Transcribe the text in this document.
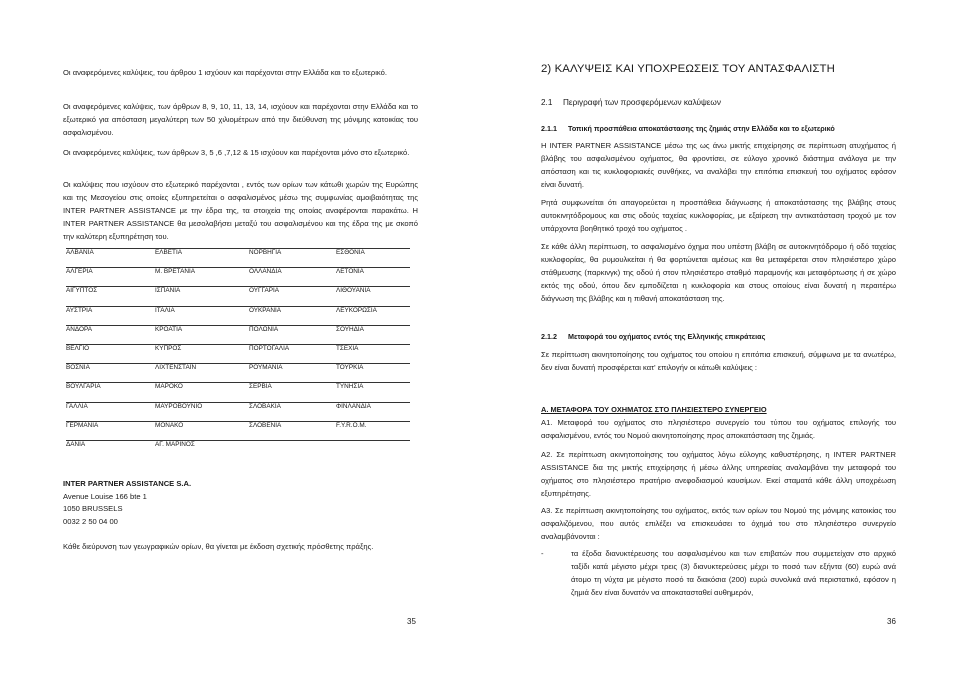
Οι αναφερόμενες καλύψεις, του άρθρου 1 ισχύουν και παρέχονται στην Ελλάδα και το εξωτερικό.

Οι αναφερόμενες καλύψεις, των άρθρων 8, 9, 10, 11, 13, 14, ισχύουν και παρέχονται στην Ελλάδα και το εξωτερικό για απόσταση μεγαλύτερη των 50 χιλιομέτρων από την διεύθυνση της μόνιμης κατοικίας του ασφαλισμένου.

Οι αναφερόμενες καλύψεις, των άρθρων 3, 5 ,6 ,7,12 & 15 ισχύουν και παρέχονται μόνο στο εξωτερικό.

Οι καλύψεις που ισχύουν στο εξωτερικό παρέχονται , εντός των ορίων των κάτωθι χωρών της Ευρώπης και της Μεσογείου στις οποίες εξυπηρετείται ο ασφαλισμένος μέσω της συμφωνίας αμοιβαιότητας της INTER PARTNER ASSISTANCE με την έδρα της, τα στοιχεία της οποίας αναφέρονται παρακάτω. Η INTER PARTNER ASSISTANCE θα μεσολαβήσει μεταξύ του ασφαλισμένου και της έδρα της με σκοπό την καλύτερη εξυπηρέτηση του.

ΑΛΒΑΝΙΑ	ΕΛΒΕΤΙΑ	ΝΟΡΒΗΓΙΑ	ΕΣΘΟΝΙΑ
ΑΛΓΕΡΙΑ	Μ. ΒΡΕΤΑΝΙΑ	ΟΛΛΑΝΔΙΑ	ΛΕΤΟΝΙΑ
ΑΙΓΥΠΤΟΣ	ΙΣΠΑΝΙΑ	ΟΥΓΓΑΡΙΑ	ΛΙΘΟΥΑΝΙΑ
ΑΥΣΤΡΙΑ	ΙΤΑΛΙΑ	ΟΥΚΡΑΝΙΑ	ΛΕΥΚΟΡΩΣΙΑ
ΑΝΔΟΡΑ	ΚΡΟΑΤΙΑ	ΠΟΛΩΝΙΑ	ΣΟΥΗΔΙΑ
ΒΕΛΓΙΟ	ΚΥΠΡΟΣ	ΠΟΡΤΟΓΑΛΙΑ	ΤΣΕΧΙΑ
ΒΟΣΝΙΑ	ΛΙΧΤΕΝΣΤΑΪΝ	ΡΟΥΜΑΝΙΑ	ΤΟΥΡΚΙΑ
ΒΟΥΛΓΑΡΙΑ	ΜΑΡΟΚΟ	ΣΕΡΒΙΑ	ΤΥΝΗΣΙΑ
ΓΑΛΛΙΑ	ΜΑΥΡΟΒΟΥΝΙΟ	ΣΛΟΒΑΚΙΑ	ΦΙΝΛΑΝΔΙΑ
ΓΕΡΜΑΝΙΑ	ΜΟΝΑΚΟ	ΣΛΟΒΕΝΙΑ	F.Y.R.O.M.
ΔΑΝΙΑ	ΑΓ. ΜΑΡΙΝΟΣ		
INTER PARTNER ASSISTANCE S.A.
Avenue Louise 166 bte 1
1050 BRUSSELS
0032 2 50 04 00

Κάθε διεύρυνση των γεωγραφικών ορίων, θα γίνεται με έκδοση σχετικής πρόσθετης πράξης.

35
2) ΚΑΛΥΨΕΙΣ ΚΑΙ ΥΠΟΧΡΕΩΣΕΙΣ ΤΟΥ ΑΝΤΑΣΦΑΛΙΣΤΗ
2.1 Περιγραφή των προσφερόμενων καλύψεων
2.1.1 Τοπική προσπάθεια αποκατάστασης της ζημιάς στην Ελλάδα και το εξωτερικό

Η INTER PARTNER ASSISTANCE μέσω της ως άνω μικτής επιχείρησης σε περίπτωση ατυχήματος ή βλάβης του ασφαλισμένου οχήματος, θα φροντίσει, σε εύλογο χρονικό διάστημα ανάλογα με την απόσταση και τις κυκλοφοριακές συνθήκες, να αναλάβει την επιτόπια επισκευή του οχήματος εφόσον είναι δυνατή.

Ρητά συμφωνείται ότι απαγορεύεται η προσπάθεια διάγνωσης ή αποκατάστασης της βλάβης στους αυτοκινητόδρομους και στις οδούς ταχείας κυκλοφορίας, με εξαίρεση την αντικατάσταση τροχού με τον υπάρχοντα βοηθητικό τροχό του οχήματος .

Σε κάθε άλλη περίπτωση, το ασφαλισμένο όχημα που υπέστη βλάβη σε αυτοκινητόδρομο ή οδό ταχείας κυκλοφορίας, θα ρυμουλκείται ή θα φορτώνεται αμέσως και θα μεταφέρεται στον πλησιέστερο χώρο στάθμευσης (παρκινγκ) της οδού ή στον πλησιέστερο σταθμό παραμονής και μεταφόρτωσης ή σε χώρο εκτός της οδού, όπου δεν εμποδίζεται η κυκλοφορία και στους οποίους είναι δυνατή η περαιτέρω διάγνωση της βλάβης και η πιθανή αποκατάσταση της.

2.1.2 Μεταφορά του οχήματος εντός της Ελληνικής επικράτειας

Σε περίπτωση ακινητοποίησης του οχήματος του οποίου η επιτόπια επισκευή, σύμφωνα με τα ανωτέρω, δεν είναι δυνατή προσφέρεται κατ' επιλογήν οι κάτωθι καλύψεις :

Α. ΜΕΤΑΦΟΡΑ ΤΟΥ ΟΧΗΜΑΤΟΣ ΣΤΟ ΠΛΗΣΙΕΣΤΕΡΟ ΣΥΝΕΡΓΕΙΟ

Α1. Μεταφορά του οχήματος στο πλησιέστερο συνεργείο του τύπου του οχήματος επιλογής του ασφαλισμένου, εντός του Νομού ακινητοποίησης προς αποκατάσταση της ζημιάς.

Α2. Σε περίπτωση ακινητοποίησης του οχήματος λόγω εύλογης καθυστέρησης, η INTER PARTNER ASSISTANCE δια της μικτής επιχείρησης ή μέσω άλλης υπηρεσίας αναλαμβάνει την μεταφορά του οχήματος στο πλησιέστερο πρατήριο ανεφοδιασμού καυσίμων. Εκεί σταματά κάθε άλλη υποχρέωση εξυπηρέτησης.

Α3. Σε περίπτωση ακινητοποίησης του οχήματος, εκτός των ορίων του Νομού της μόνιμης κατοικίας του ασφαλιζόμενου, που αυτός επιλέξει να επισκευάσει το όχημά του στο πλησιέστερο συνεργείο αναλαμβάνονται :

-	τα έξοδα διανυκτέρευσης του ασφαλισμένου και των επιβατών που συμμετείχαν στο αρχικό ταξίδι κατά μέγιστο μέχρι τρεις (3) διανυκτερεύσεις μέχρι το ποσό των εξήντα (60) ευρώ ανά άτομο τη νύχτα με μέγιστο ποσό τα διακόσια (200) ευρώ συνολικά ανά περιστατικό, εφόσον η ζημιά δεν είναι δυνατόν να αποκατασταθεί αυθημερόν,
36
